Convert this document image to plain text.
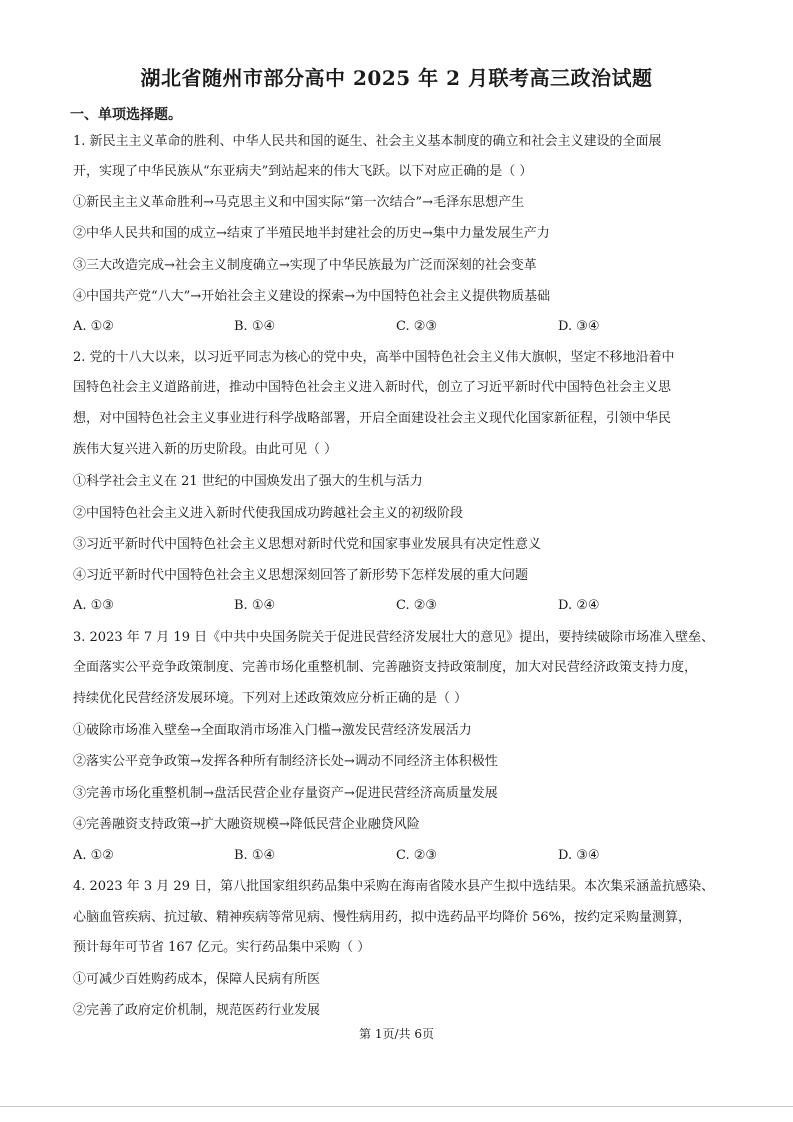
湖北省随州市部分高中 2025 年 2 月联考高三政治试题
一、单项选择题。
1. 新民主主义革命的胜利、中华人民共和国的诞生、社会主义基本制度的确立和社会主义建设的全面展
开，实现了中华民族从“东亚病夫”到站起来的伟大飞跃。以下对应正确的是（ ）
①新民主主义革命胜利→马克思主义和中国实际“第一次结合”→毛泽东思想产生
②中华人民共和国的成立→结束了半殖民地半封建社会的历史→集中力量发展生产力
③三大改造完成→社会主义制度确立→实现了中华民族最为广泛而深刻的社会变革
④中国共产党“八大”→开始社会主义建设的探索→为中国特色社会主义提供物质基础
A. ①②	B. ①④	C. ②③	D. ③④
2. 党的十八大以来，以习近平同志为核心的党中央，高举中国特色社会主义伟大旗帜，坚定不移地沿着中
国特色社会主义道路前进，推动中国特色社会主义进入新时代，创立了习近平新时代中国特色社会主义思
想，对中国特色社会主义事业进行科学战略部署，开启全面建设社会主义现代化国家新征程，引领中华民
族伟大复兴进入新的历史阶段。由此可见（ ）
①科学社会主义在 21 世纪的中国焕发出了强大的生机与活力
②中国特色社会主义进入新时代使我国成功跨越社会主义的初级阶段
③习近平新时代中国特色社会主义思想对新时代党和国家事业发展具有决定性意义
④习近平新时代中国特色社会主义思想深刻回答了新形势下怎样发展的重大问题
A. ①③	B. ①④	C. ②③	D. ②④
3. 2023 年 7 月 19 日《中共中央国务院关于促进民营经济发展壮大的意见》提出，要持续破除市场准入壁垒、
全面落实公平竞争政策制度、完善市场化重整机制、完善融资支持政策制度，加大对民营经济政策支持力度，
持续优化民营经济发展环境。下列对上述政策效应分析正确的是（ ）
①破除市场准入壁垒→全面取消市场准入门槛→激发民营经济发展活力
②落实公平竞争政策→发挥各种所有制经济长处→调动不同经济主体积极性
③完善市场化重整机制→盘活民营企业存量资产→促进民营经济高质量发展
④完善融资支持政策→扩大融资规模→降低民营企业融贷风险
A. ①②	B. ①④	C. ②③	D. ③④
4. 2023 年 3 月 29 日，第八批国家组织药品集中采购在海南省陵水县产生拟中选结果。本次集采涵盖抗感染、
心脑血管疾病、抗过敏、精神疾病等常见病、慢性病用药，拟中选药品平均降价 56%，按约定采购量测算，
预计每年可节省 167 亿元。实行药品集中采购（ ）
①可减少百姓购药成本，保障人民病有所医
②完善了政府定价机制，规范医药行业发展
第 1页/共 6页
